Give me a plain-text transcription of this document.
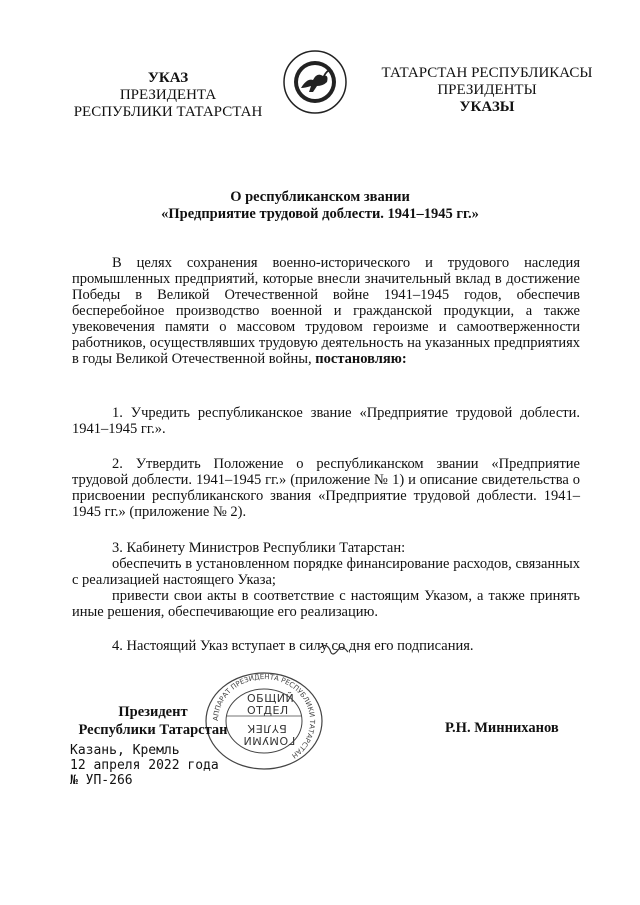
УКАЗ
ПРЕЗИДЕНТА
РЕСПУБЛИКИ ТАТАРСТАН
ТАТАРСТАН
ТАТАРСТАН РЕСПУБЛИКАСЫ
ПРЕЗИДЕНТЫ
УКАЗЫ
О республиканском звании
«Предприятие трудовой доблести. 1941–1945 гг.»

В целях сохранения военно-исторического и трудового наследия промышленных предприятий, которые внесли значительный вклад в достижение Победы в Великой Отечественной войне 1941–1945 годов, обеспечив бесперебойное производство военной и гражданской продукции, а также увековечения памяти о массовом трудовом героизме и самоотверженности работников, осуществлявших трудовую деятельность на указанных предприятиях в годы Великой Отечественной войны, постановляю:

1. Учредить республиканское звание «Предприятие трудовой доблести. 1941–1945 гг.».

2. Утвердить Положение о республиканском звании «Предприятие трудовой доблести. 1941–1945 гг.» (приложение № 1) и описание свидетельства о присвоении республиканского звания «Предприятие трудовой доблести. 1941–1945 гг.» (приложение № 2).

3. Кабинету Министров Республики Татарстан:

обеспечить в установленном порядке финансирование расходов, связанных с реализацией настоящего Указа;

привести свои акты в соответствие с настоящим Указом, а также принять иные решения, обеспечивающие его реализацию.

4. Настоящий Указ вступает в силу со дня его подписания.

АППАРАТ ПРЕЗИДЕНТА РЕСПУБЛИКИ ТАТАРСТАН
ОБЩИЙ
ОТДЕЛ
БҮЛЕК
ГОМУМИ
Президент
Республики Татарстан	Р.Н. Минниханов
Казань, Кремль
12 апреля 2022 года
№ УП-266
